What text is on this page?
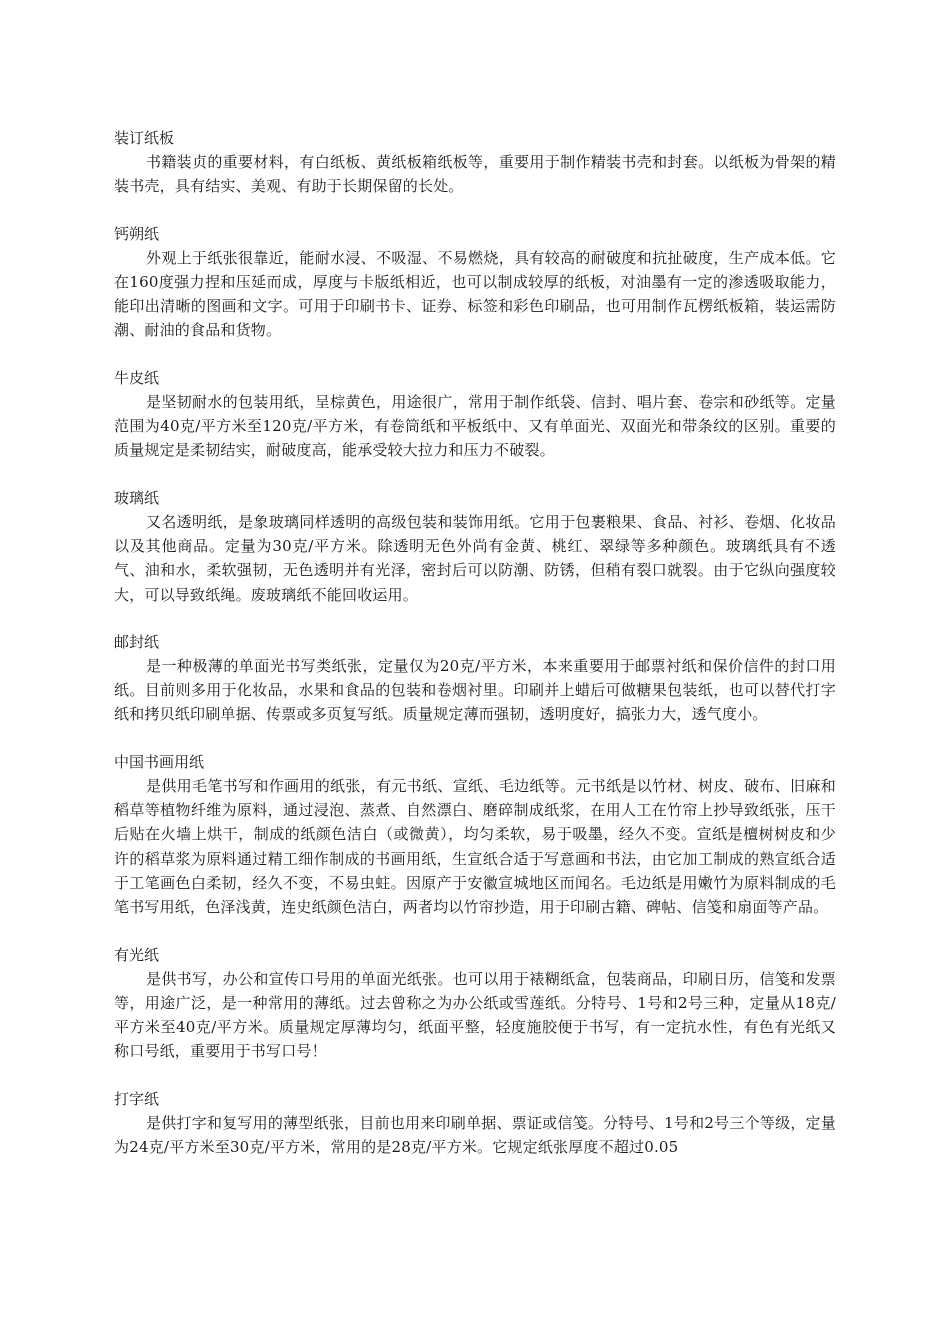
装订纸板

书籍装贞的重要材料，有白纸板、黄纸板箱纸板等，重要用于制作精装书壳和封套。以纸板为骨架的精装书壳，具有结实、美观、有助于长期保留的长处。

钙朔纸

外观上于纸张很靠近，能耐水浸、不吸湿、不易燃烧，具有较高的耐破度和抗扯破度，生产成本低。它在160度强力捏和压延而成，厚度与卡版纸相近，也可以制成较厚的纸板，对油墨有一定的渗透吸取能力，能印出清晰的图画和文字。可用于印刷书卡、证券、标签和彩色印刷品，也可用制作瓦楞纸板箱，装运需防潮、耐油的食品和货物。

牛皮纸

是坚韧耐水的包装用纸，呈棕黄色，用途很广，常用于制作纸袋、信封、唱片套、卷宗和砂纸等。定量范围为40克/平方米至120克/平方米，有卷筒纸和平板纸中、又有单面光、双面光和带条纹的区别。重要的质量规定是柔韧结实，耐破度高，能承受较大拉力和压力不破裂。

玻璃纸

又名透明纸，是象玻璃同样透明的高级包装和装饰用纸。它用于包裹粮果、食品、衬衫、卷烟、化妆品以及其他商品。定量为30克/平方米。除透明无色外尚有金黄、桃红、翠绿等多种颜色。玻璃纸具有不透气、油和水，柔软强韧，无色透明并有光泽，密封后可以防潮、防锈，但稍有裂口就裂。由于它纵向强度较大，可以导致纸绳。废玻璃纸不能回收运用。

邮封纸

是一种极薄的单面光书写类纸张，定量仅为20克/平方米，本来重要用于邮票衬纸和保价信件的封口用纸。目前则多用于化妆品，水果和食品的包装和卷烟衬里。印刷并上蜡后可做糖果包装纸，也可以替代打字纸和拷贝纸印刷单据、传票或多页复写纸。质量规定薄而强韧，透明度好，搞张力大，透气度小。

中国书画用纸

是供用毛笔书写和作画用的纸张，有元书纸、宣纸、毛边纸等。元书纸是以竹材、树皮、破布、旧麻和稻草等植物纤维为原料，通过浸泡、蒸煮、自然漂白、磨碎制成纸浆，在用人工在竹帘上抄导致纸张，压干后贴在火墙上烘干，制成的纸颜色洁白（或微黄），均匀柔软，易于吸墨，经久不变。宣纸是檀树树皮和少许的稻草浆为原料通过精工细作制成的书画用纸，生宣纸合适于写意画和书法，由它加工制成的熟宣纸合适于工笔画色白柔韧，经久不变，不易虫蛀。因原产于安徽宣城地区而闻名。毛边纸是用嫩竹为原料制成的毛笔书写用纸，色泽浅黄，连史纸颜色洁白，两者均以竹帘抄造，用于印刷古籍、碑帖、信笺和扇面等产品。

有光纸

是供书写，办公和宣传口号用的单面光纸张。也可以用于裱糊纸盒，包装商品，印刷日历，信笺和发票等，用途广泛，是一种常用的薄纸。过去曾称之为办公纸或雪莲纸。分特号、1号和2号三种，定量从18克/平方米至40克/平方米。质量规定厚薄均匀，纸面平整，轻度施胶便于书写，有一定抗水性，有色有光纸又称口号纸，重要用于书写口号！

打字纸

是供打字和复写用的薄型纸张，目前也用来印刷单据、票证或信笺。分特号、1号和2号三个等级，定量为24克/平方米至30克/平方米，常用的是28克/平方米。它规定纸张厚度不超过0.05
